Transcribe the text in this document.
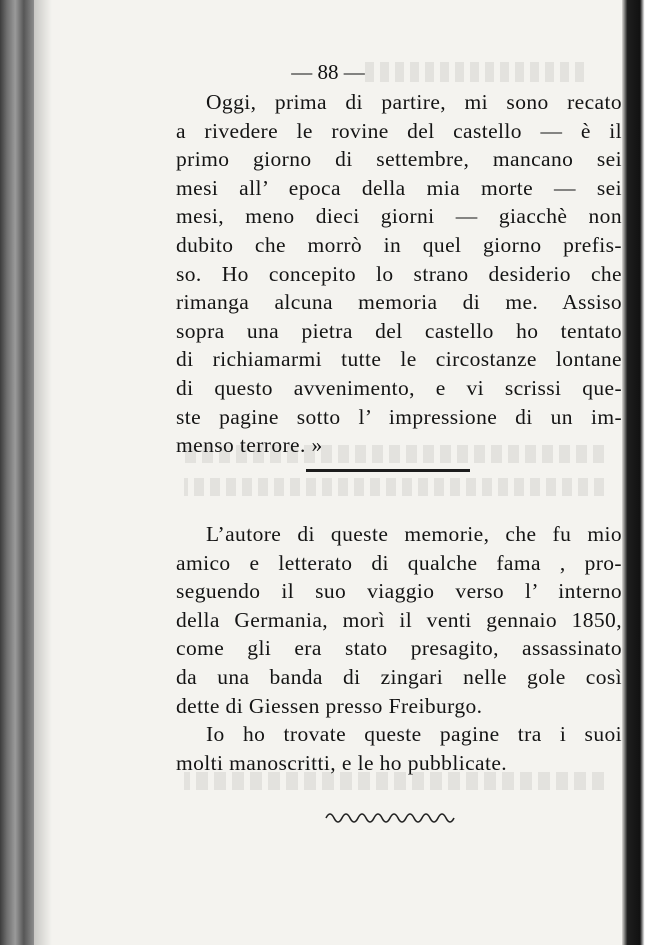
— 88 —
Oggi, prima di partire, mi sono recato
a rivedere le rovine del castello — è il
primo giorno di settembre, mancano sei
mesi all’ epoca della mia morte — sei
mesi, meno dieci giorni — giacchè non
dubito che morrò in quel giorno prefis-
so. Ho concepito lo strano desiderio che
rimanga alcuna memoria di me. Assiso
sopra una pietra del castello ho tentato
di richiamarmi tutte le circostanze lontane
di questo avvenimento, e vi scrissi que-
ste pagine sotto l’ impressione di un im-
menso terrore. »
L’autore di queste memorie, che fu mio
amico e letterato di qualche fama , pro-
seguendo il suo viaggio verso l’ interno
della Germania, morì il venti gennaio 1850,
come gli era stato presagito, assassinato
da una banda di zingari nelle gole così
dette di Giessen presso Freiburgo.
Io ho trovate queste pagine tra i suoi
molti manoscritti, e le ho pubblicate.
